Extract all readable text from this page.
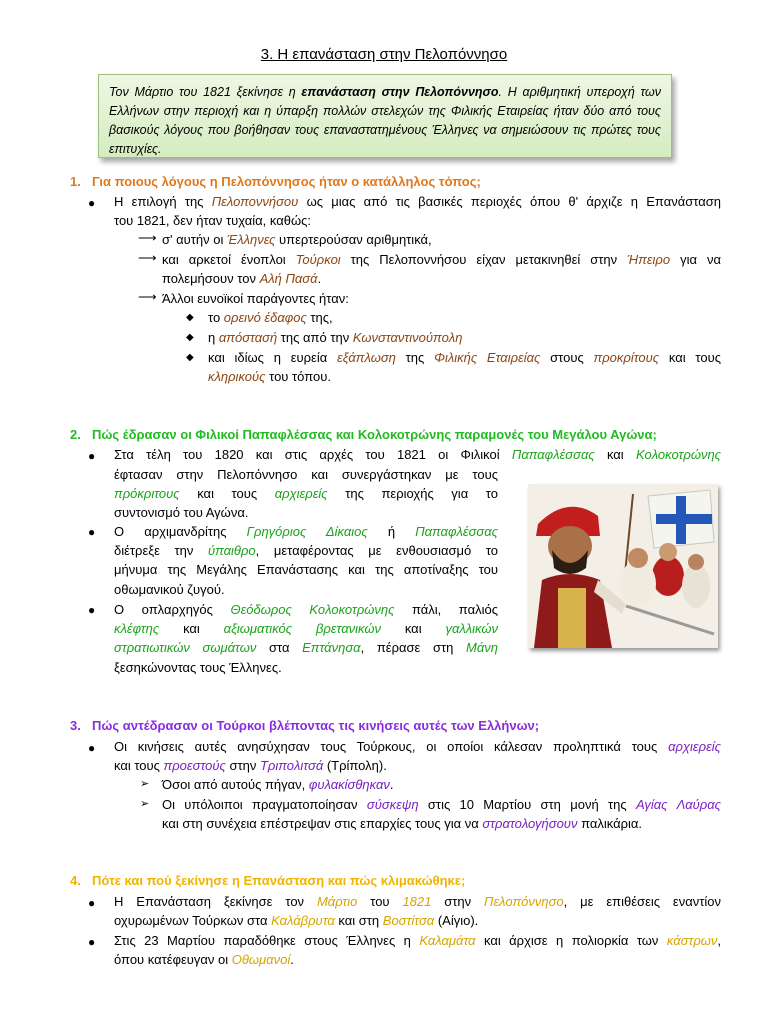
3. Η επανάσταση στην Πελοπόννησο
Τον Μάρτιο του 1821 ξεκίνησε η επανάσταση στην Πελοπόννησο. Η αριθμητική υπεροχή των Ελλήνων στην περιοχή και η ύπαρξη πολλών στελεχών της Φιλικής Εταιρείας ήταν δύο από τους βασικούς λόγους που βοήθησαν τους επαναστατημένους Έλληνες να σημειώσουν τις πρώτες τους επιτυχίες.
1. Για ποιους λόγους η Πελοπόννησος ήταν ο κατάλληλος τόπος;
● Η επιλογή της Πελοποννήσου ως μιας από τις βασικές περιοχές όπου θ' άρχιζε η Επανάσταση
του 1821, δεν ήταν τυχαία, καθώς:
⟶ σ' αυτήν οι Έλληνες υπερτερούσαν αριθμητικά,
⟶ και αρκετοί ένοπλοι Τούρκοι της Πελοποννήσου είχαν μετακινηθεί στην Ήπειρο για να
πολεμήσουν τον Αλή Πασά.
⟶ Άλλοι ευνοϊκοί παράγοντες ήταν:
◆ το ορεινό έδαφος της,
◆ η απόστασή της από την Κωνσταντινούπολη
◆ και ιδίως η ευρεία εξάπλωση της Φιλικής Εταιρείας στους προκρίτους και τους
κληρικούς του τόπου.
2. Πώς έδρασαν οι Φιλικοί Παπαφλέσσας και Κολοκοτρώνης παραμονές του Μεγάλου Αγώνα;
● Στα τέλη του 1820 και στις αρχές του 1821 οι Φιλικοί Παπαφλέσσας και Κολοκοτρώνης
έφτασαν στην Πελοπόννησο και συνεργάστηκαν με τους
πρόκριτους και τους αρχιερείς της περιοχής για το
συντονισμό του Αγώνα.
● Ο αρχιμανδρίτης Γρηγόριος Δίκαιος ή Παπαφλέσσας
διέτρεξε την ύπαιθρο, μεταφέροντας με ενθουσιασμό το
μήνυμα της Μεγάλης Επανάστασης και της αποτίναξης του
οθωμανικού ζυγού.
● Ο οπλαρχηγός Θεόδωρος Κολοκοτρώνης πάλι, παλιός
κλέφτης και αξιωματικός βρετανικών και γαλλικών
στρατιωτικών σωμάτων στα Επτάνησα, πέρασε στη Μάνη
ξεσηκώνοντας τους Έλληνες.
3. Πώς αντέδρασαν οι Τούρκοι βλέποντας τις κινήσεις αυτές των Ελλήνων;
● Οι κινήσεις αυτές ανησύχησαν τους Τούρκους, οι οποίοι κάλεσαν προληπτικά τους αρχιερείς
και τους προεστούς στην Τριπολιτσά (Τρίπολη).
➢ Όσοι από αυτούς πήγαν, φυλακίσθηκαν.
➢ Οι υπόλοιποι πραγματοποίησαν σύσκεψη στις 10 Μαρτίου στη μονή της Αγίας Λαύρας
και στη συνέχεια επέστρεψαν στις επαρχίες τους για να στρατολογήσουν παλικάρια.
4. Πότε και πού ξεκίνησε η Επανάσταση και πώς κλιμακώθηκε;
● Η Επανάσταση ξεκίνησε τον Μάρτιο του 1821 στην Πελοπόννησο, με επιθέσεις εναντίον
οχυρωμένων Τούρκων στα Καλάβρυτα και στη Βοστίτσα (Αίγιο).
● Στις 23 Μαρτίου παραδόθηκε στους Έλληνες η Καλαμάτα και άρχισε η πολιορκία των κάστρων,
όπου κατέφευγαν οι Οθωμανοί.
